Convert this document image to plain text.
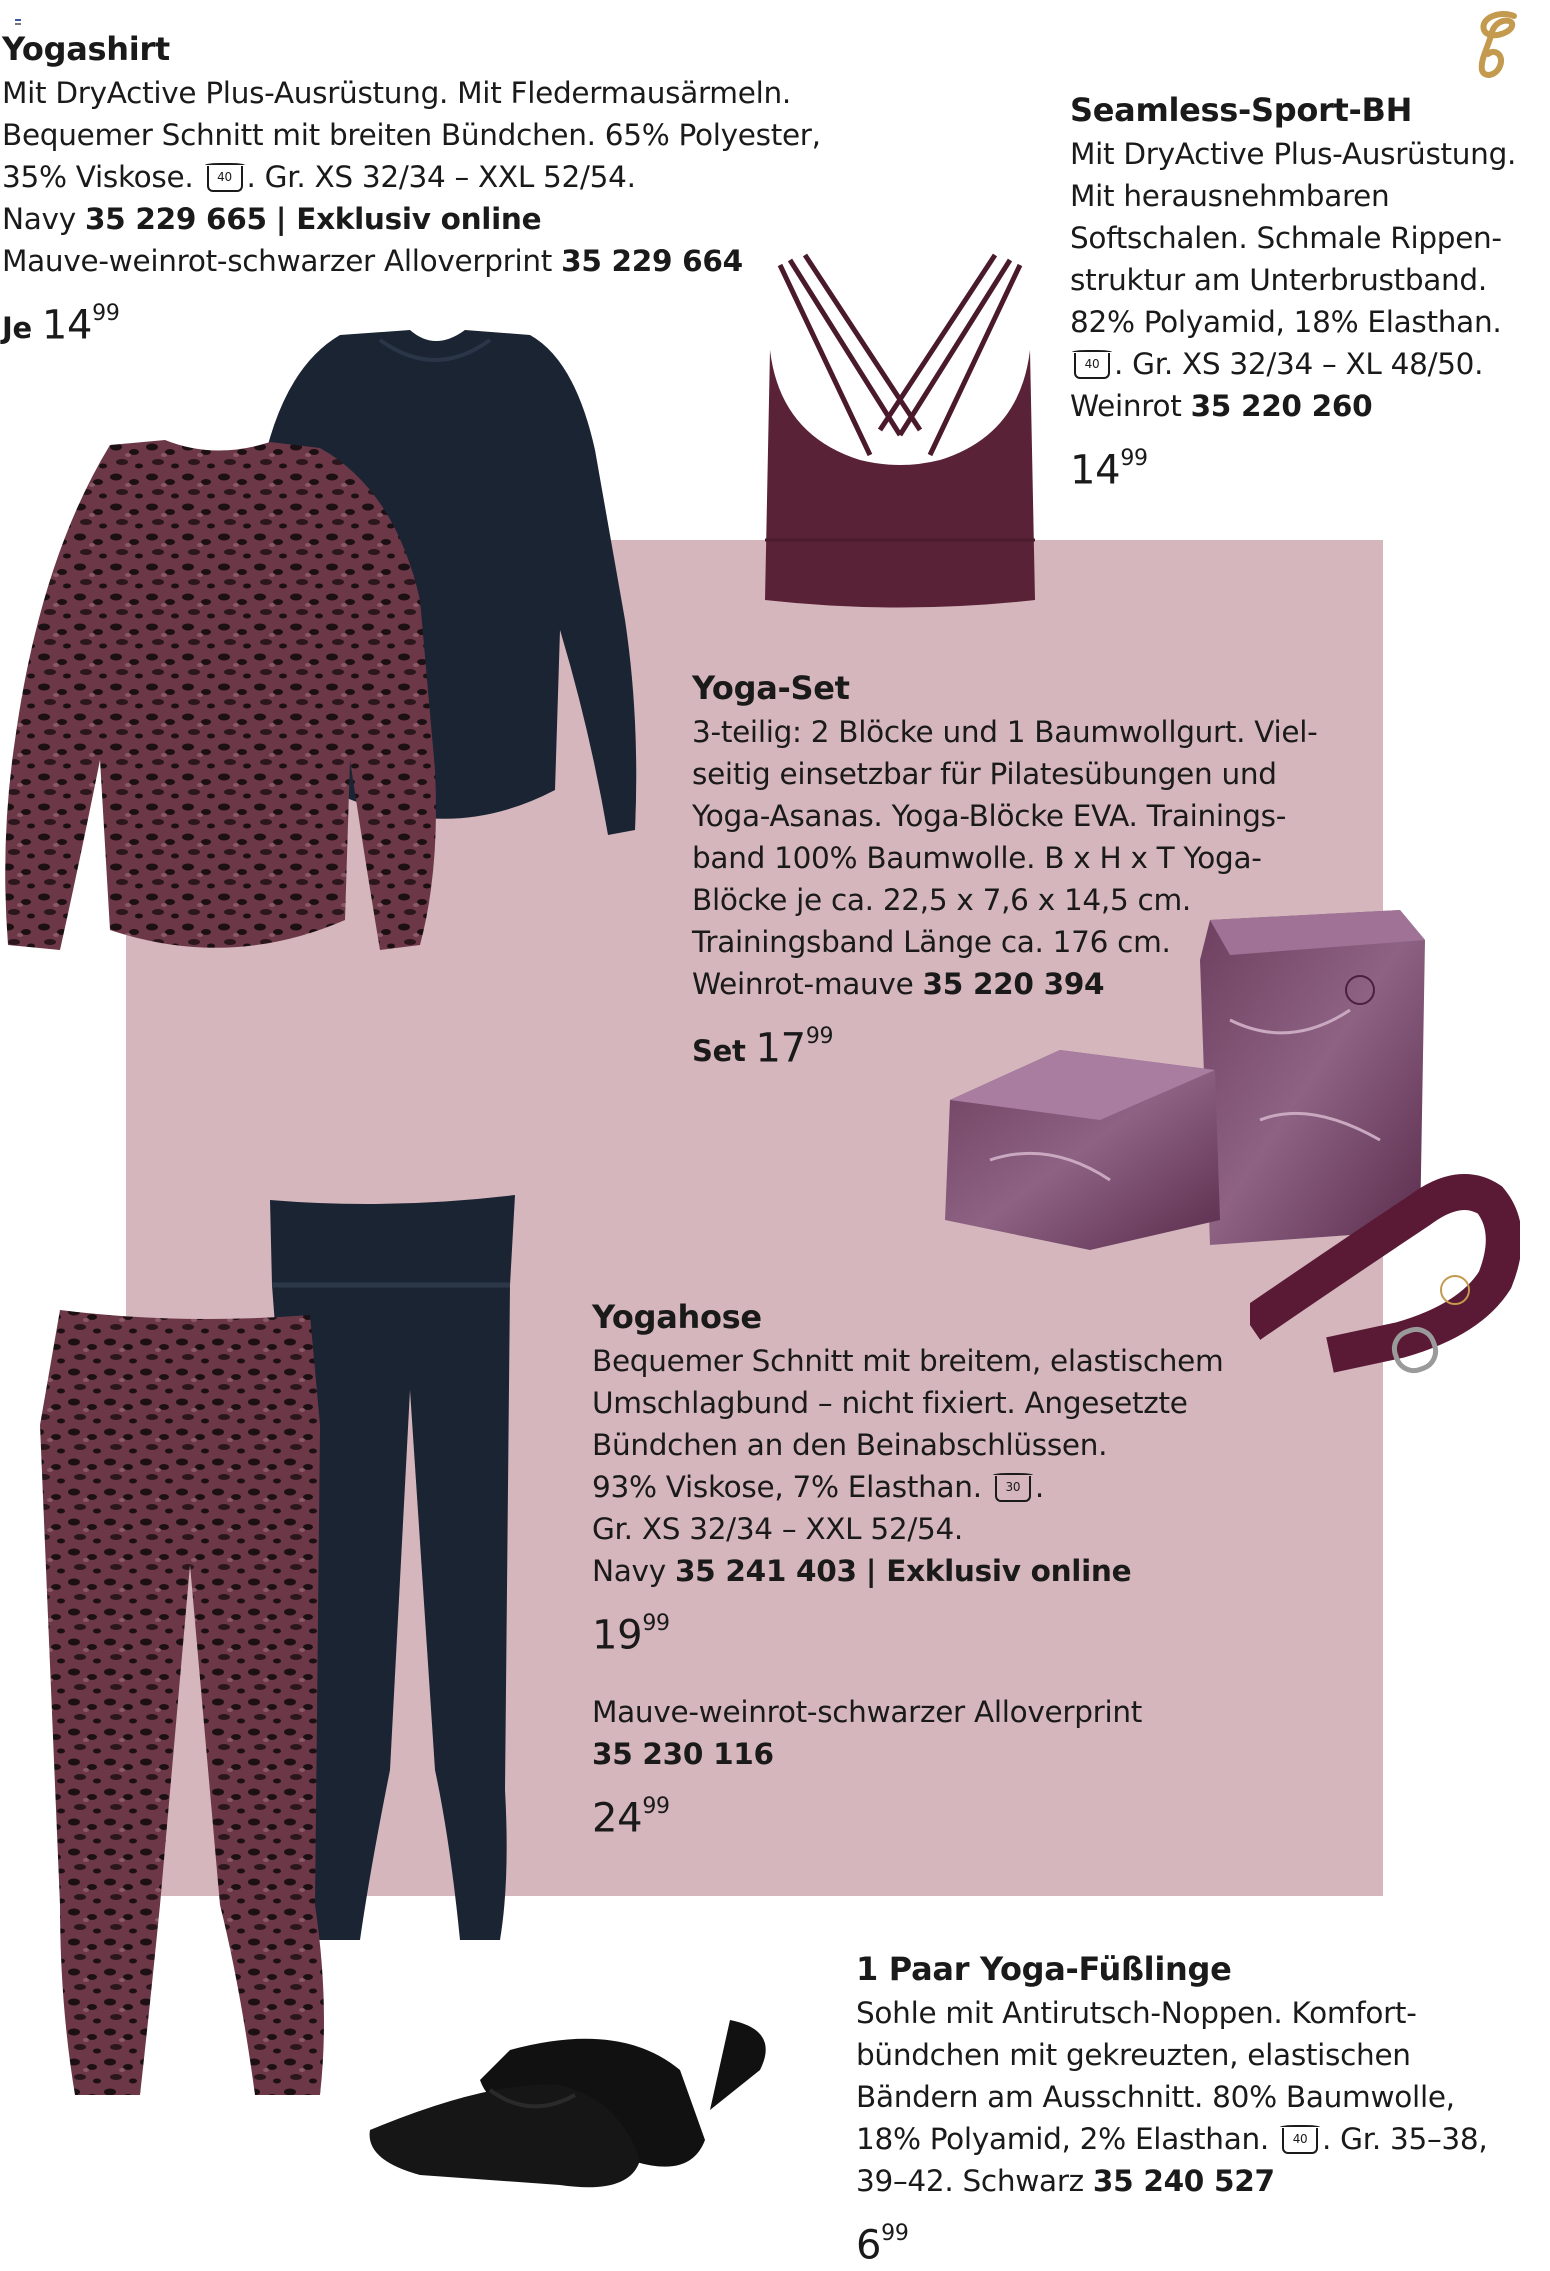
Yogashirt
Mit DryActive Plus-Ausrüstung. Mit Fledermausärmeln.
Bequemer Schnitt mit breiten Bündchen. 65% Polyester,
35% Viskose. 40 . Gr. XS 32/34 – XXL 52/54.
Navy 35 229 665 | Exklusiv online
Mauve-weinrot-schwarzer Alloverprint 35 229 664
Je $14^{99}$
Seamless-Sport-BH
Mit DryActive Plus-Ausrüstung.
Mit herausnehmbaren
Softschalen. Schmale Rippen-
struktur am Unterbrustband.
82% Polyamid, 18% Elasthan.
40 . Gr. XS 32/34 – XL 48/50.
Weinrot 35 220 260
$14^{99}$
Yoga-Set
3-teilig: 2 Blöcke und 1 Baumwollgurt. Viel-
seitig einsetzbar für Pilatesübungen und
Yoga-Asanas. Yoga-Blöcke EVA. Trainings-
band 100% Baumwolle. B x H x T Yoga-
Blöcke je ca. 22,5 x 7,6 x 14,5 cm.
Trainingsband Länge ca. 176 cm.
Weinrot-mauve 35 220 394
Set $17^{99}$
Yogahose
Bequemer Schnitt mit breitem, elastischem
Umschlagbund – nicht fixiert. Angesetzte
Bündchen an den Beinabschlüssen.
93% Viskose, 7% Elasthan. 30 .
Gr. XS 32/34 – XXL 52/54.
Navy 35 241 403 | Exklusiv online
$19^{99}$
Mauve-weinrot-schwarzer Alloverprint
35 230 116
$24^{99}$
1 Paar Yoga-Füßlinge
Sohle mit Antirutsch-Noppen. Komfort-
bündchen mit gekreuzten, elastischen
Bändern am Ausschnitt. 80% Baumwolle,
18% Polyamid, 2% Elasthan. 40 . Gr. 35–38,
39–42. Schwarz 35 240 527
$6^{99}$
